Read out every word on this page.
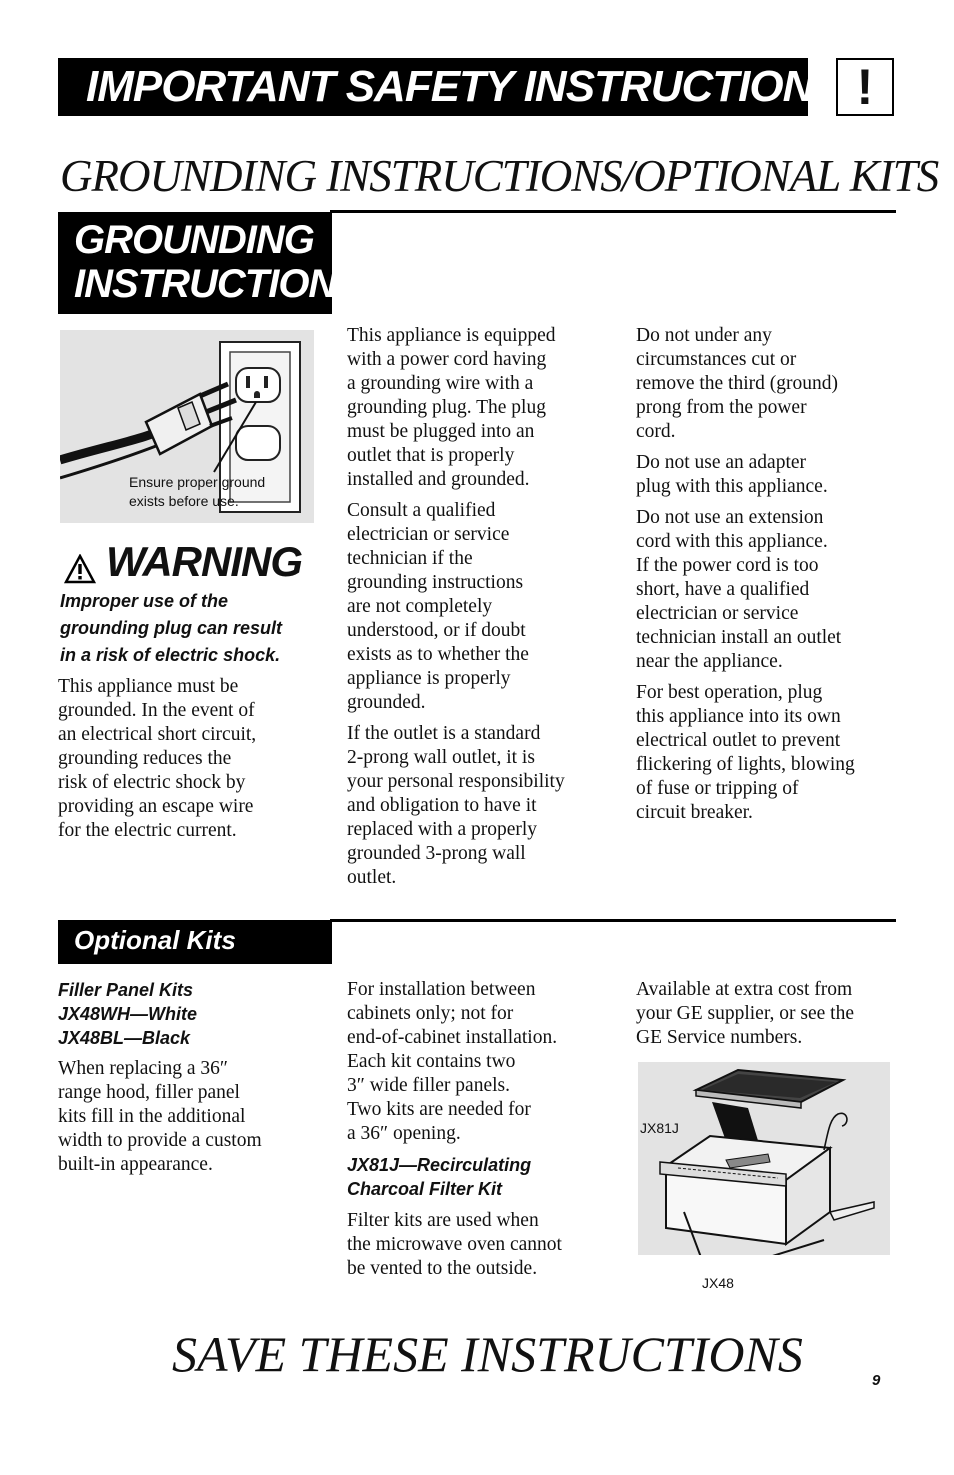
IMPORTANT SAFETY INSTRUCTIONS !
GROUNDING INSTRUCTIONS/OPTIONAL KITS
GROUNDING
INSTRUCTIONS
Ensure proper ground
exists before use.
WARNING
Improper use of the
grounding plug can result
in a risk of electric shock.
This appliance must be
grounded. In the event of
an electrical short circuit,
grounding reduces the
risk of electric shock by
providing an escape wire
for the electric current.

This appliance is equipped
with a power cord having
a grounding wire with a
grounding plug. The plug
must be plugged into an
outlet that is properly
installed and grounded.

Consult a qualified
electrician or service
technician if the
grounding instructions
are not completely
understood, or if doubt
exists as to whether the
appliance is properly
grounded.

If the outlet is a standard
2-prong wall outlet, it is
your personal responsibility
and obligation to have it
replaced with a properly
grounded 3-prong wall
outlet.

Do not under any
circumstances cut or
remove the third (ground)
prong from the power
cord.

Do not use an adapter
plug with this appliance.

Do not use an extension
cord with this appliance.
If the power cord is too
short, have a qualified
electrician or service
technician install an outlet
near the appliance.

For best operation, plug
this appliance into its own
electrical outlet to prevent
flickering of lights, blowing
of fuse or tripping of
circuit breaker.

Optional Kits
Filler Panel Kits
JX48WH—White
JX48BL—Black
When replacing a 36″
range hood, filler panel
kits fill in the additional
width to provide a custom
built-in appearance.
For installation between
cabinets only; not for
end-of-cabinet installation.
Each kit contains two
3″ wide filler panels.
Two kits are needed for
a 36″ opening.
JX81J—Recirculating
Charcoal Filter Kit
Filter kits are used when
the microwave oven cannot
be vented to the outside.
Available at extra cost from
your GE supplier, or see the
GE Service numbers.
JX81J
JX48
SAVE THESE INSTRUCTIONS	9
